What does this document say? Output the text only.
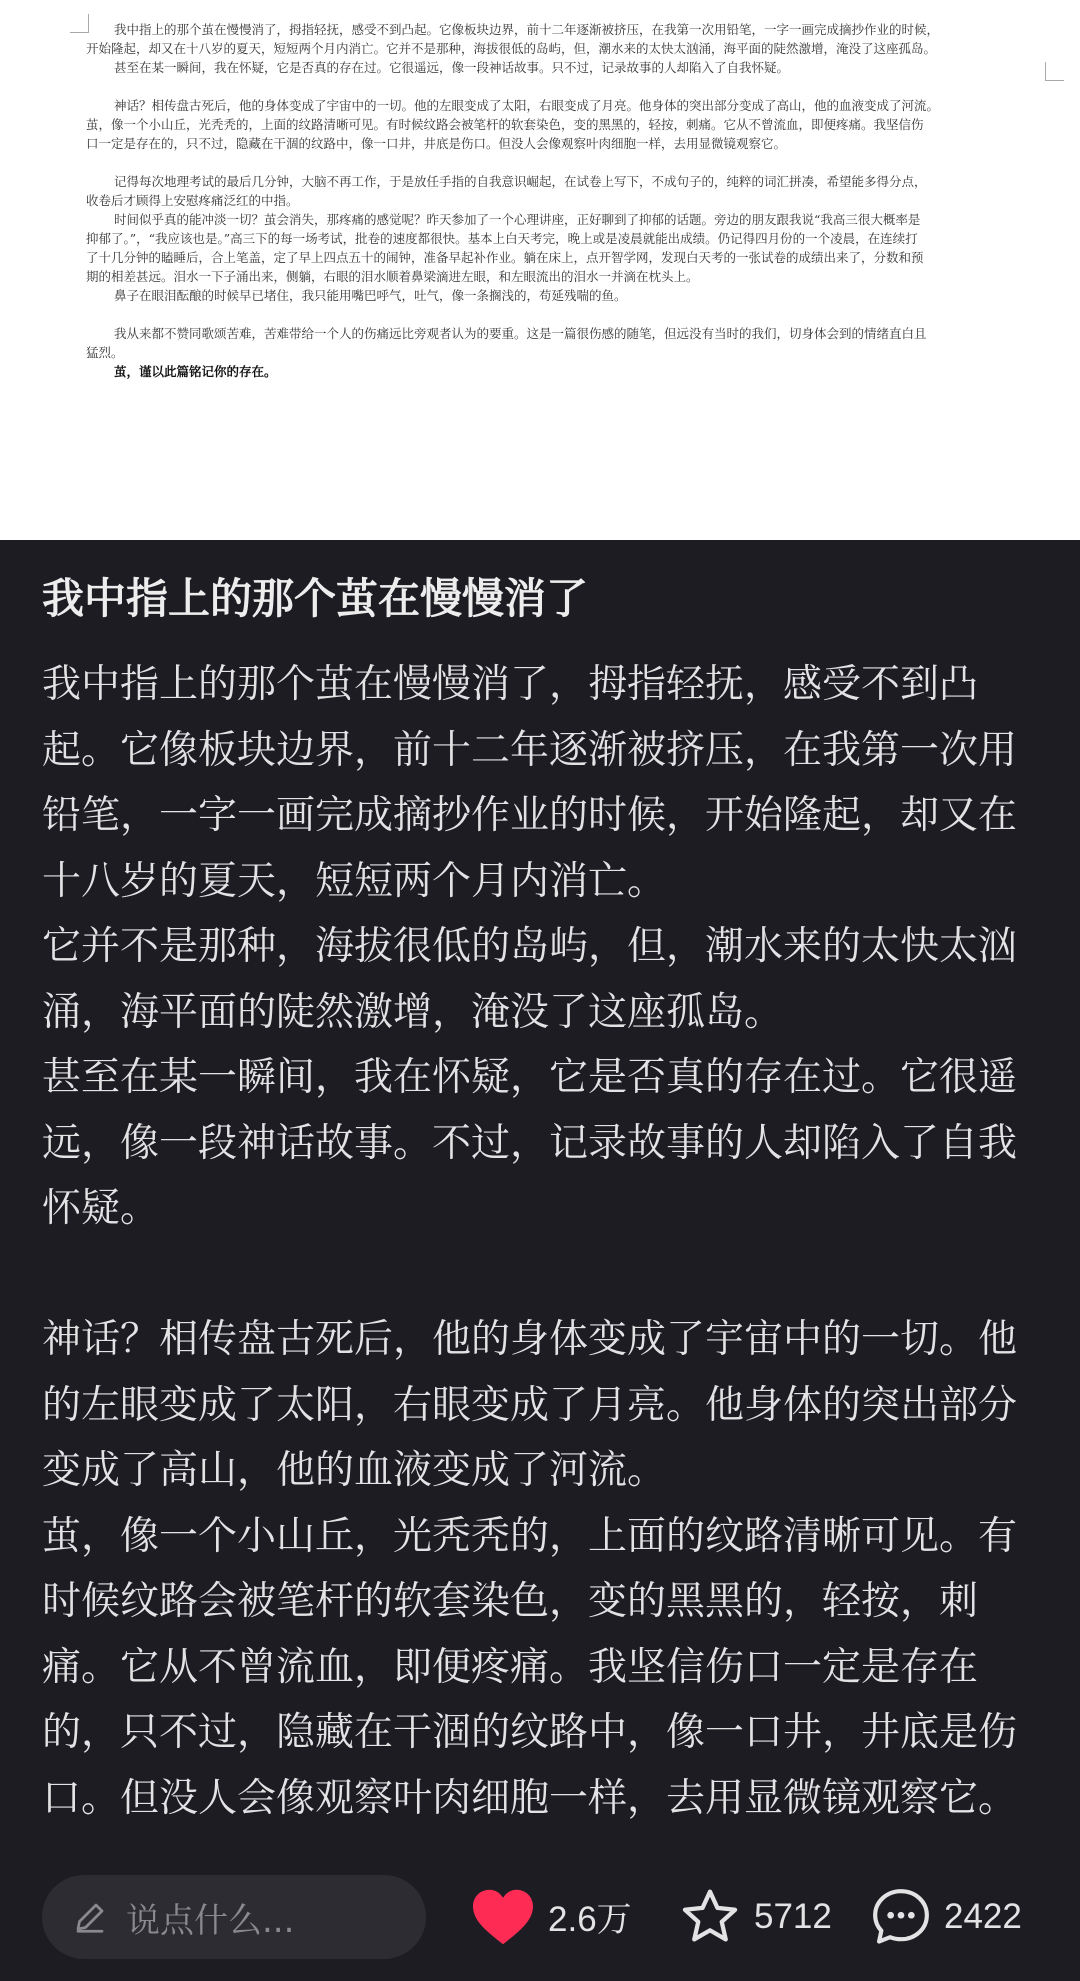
我中指上的那个茧在慢慢消了，拇指轻抚，感受不到凸起。它像板块边界，前十二年逐渐被挤压，在我第一次用铅笔，一字一画完成摘抄作业的时候，
开始隆起，却又在十八岁的夏天，短短两个月内消亡。它并不是那种，海拔很低的岛屿，但，潮水来的太快太汹涌，海平面的陡然激增，淹没了这座孤岛。
甚至在某一瞬间，我在怀疑，它是否真的存在过。它很遥远，像一段神话故事。只不过，记录故事的人却陷入了自我怀疑。
神话？相传盘古死后，他的身体变成了宇宙中的一切。他的左眼变成了太阳，右眼变成了月亮。他身体的突出部分变成了高山，他的血液变成了河流。
茧，像一个小山丘，光秃秃的，上面的纹路清晰可见。有时候纹路会被笔杆的软套染色，变的黑黑的，轻按，刺痛。它从不曾流血，即便疼痛。我坚信伤
口一定是存在的，只不过，隐藏在干涸的纹路中，像一口井，井底是伤口。但没人会像观察叶肉细胞一样，去用显微镜观察它。
记得每次地理考试的最后几分钟，大脑不再工作，于是放任手指的自我意识崛起，在试卷上写下，不成句子的，纯粹的词汇拼凑，希望能多得分点，
收卷后才顾得上安慰疼痛泛红的中指。
时间似乎真的能冲淡一切？茧会消失，那疼痛的感觉呢？昨天参加了一个心理讲座，正好聊到了抑郁的话题。旁边的朋友跟我说“我高三很大概率是
抑郁了。”，“我应该也是。”高三下的每一场考试，批卷的速度都很快。基本上白天考完，晚上或是凌晨就能出成绩。仍记得四月份的一个凌晨，在连续打
了十几分钟的瞌睡后，合上笔盖，定了早上四点五十的闹钟，准备早起补作业。躺在床上，点开智学网，发现白天考的一张试卷的成绩出来了，分数和预
期的相差甚远。泪水一下子涌出来，侧躺，右眼的泪水顺着鼻梁滴进左眼，和左眼流出的泪水一并滴在枕头上。
鼻子在眼泪酝酿的时候早已堵住，我只能用嘴巴呼气，吐气，像一条搁浅的，苟延残喘的鱼。
我从来都不赞同歌颂苦难，苦难带给一个人的伤痛远比旁观者认为的要重。这是一篇很伤感的随笔，但远没有当时的我们，切身体会到的情绪直白且
猛烈。
茧，谨以此篇铭记你的存在。
我中指上的那个茧在慢慢消了

我中指上的那个茧在慢慢消了，拇指轻抚，感受不到凸起。它像板块边界，前十二年逐渐被挤压，在我第一次用铅笔，一字一画完成摘抄作业的时候，开始隆起，却又在十八岁的夏天，短短两个月内消亡。

它并不是那种，海拔很低的岛屿，但，潮水来的太快太汹涌，海平面的陡然激增，淹没了这座孤岛。

甚至在某一瞬间，我在怀疑，它是否真的存在过。它很遥远，像一段神话故事。不过，记录故事的人却陷入了自我怀疑。

神话？相传盘古死后，他的身体变成了宇宙中的一切。他的左眼变成了太阳，右眼变成了月亮。他身体的突出部分变成了高山，他的血液变成了河流。

茧，像一个小山丘，光秃秃的，上面的纹路清晰可见。有时候纹路会被笔杆的软套染色，变的黑黑的，轻按，刺痛。它从不曾流血，即便疼痛。我坚信伤口一定是存在的，只不过，隐藏在干涸的纹路中，像一口井，井底是伤口。但没人会像观察叶肉细胞一样，去用显微镜观察它。

说点什么...	2.6万	5712	2422
